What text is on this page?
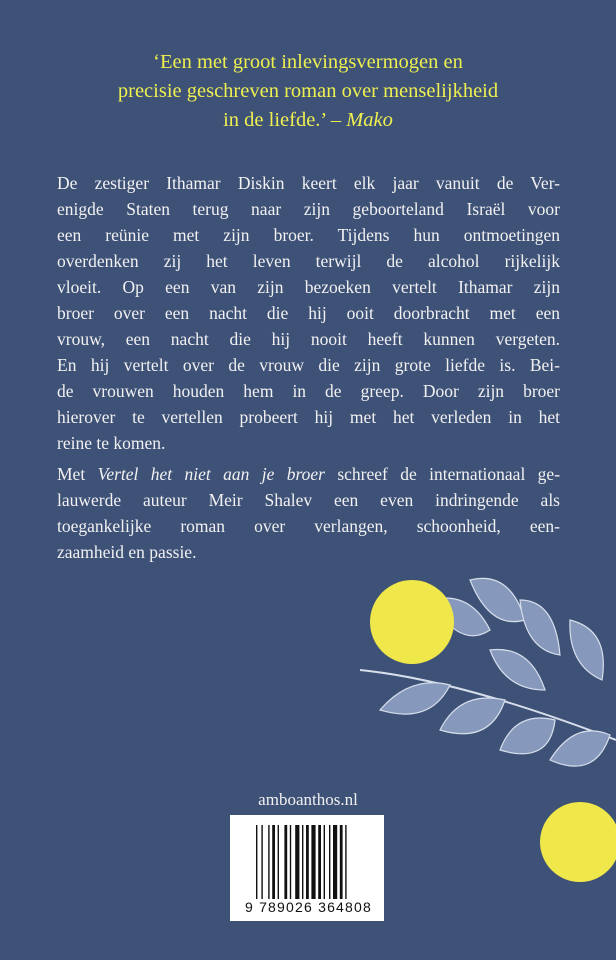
‘Een met groot inlevingsvermogen en
precisie geschreven roman over menselijkheid
in de liefde.’ – Mako
De zestiger Ithamar Diskin keert elk jaar vanuit de Ver-
enigde Staten terug naar zijn geboorteland Israël voor
een reünie met zijn broer. Tijdens hun ontmoetingen
overdenken zij het leven terwijl de alcohol rijkelijk
vloeit. Op een van zijn bezoeken vertelt Ithamar zijn
broer over een nacht die hij ooit doorbracht met een
vrouw, een nacht die hij nooit heeft kunnen vergeten.
En hij vertelt over de vrouw die zijn grote liefde is. Bei-
de vrouwen houden hem in de greep. Door zijn broer
hierover te vertellen probeert hij met het verleden in het
reine te komen.
Met Vertel het niet aan je broer schreef de internationaal ge-
lauwerde auteur Meir Shalev een even indringende als
toegankelijke roman over verlangen, schoonheid, een-
zaamheid en passie.
amboanthos.nl
9 789026 364808
